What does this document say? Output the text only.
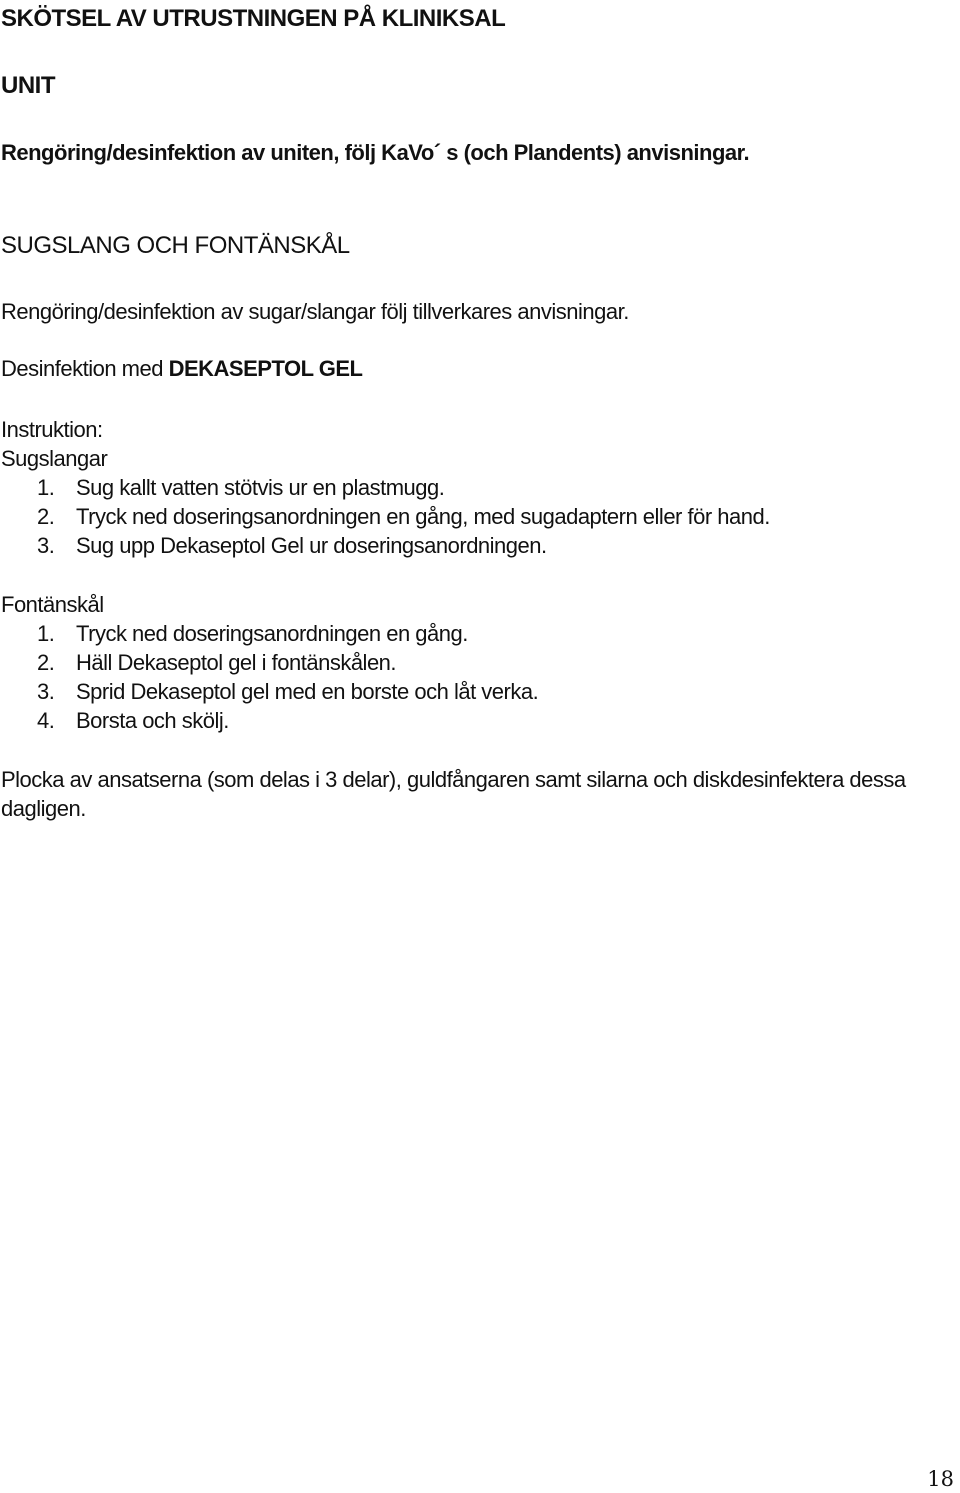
SKÖTSEL AV UTRUSTNINGEN PÅ KLINIKSAL
UNIT
Rengöring/desinfektion av uniten, följ KaVo´ s (och Plandents) anvisningar.
SUGSLANG OCH FONTÄNSKÅL
Rengöring/desinfektion av sugar/slangar följ tillverkares anvisningar.
Desinfektion med DEKASEPTOL GEL
Instruktion:
Sugslangar
1. Sug kallt vatten stötvis ur en plastmugg.
2. Tryck ned doseringsanordningen en gång, med sugadaptern eller för hand.
3. Sug upp Dekaseptol Gel ur doseringsanordningen.
Fontänskål
1. Tryck ned doseringsanordningen en gång.
2. Häll Dekaseptol gel i fontänskålen.
3. Sprid Dekaseptol gel med en borste och låt verka.
4. Borsta och skölj.
Plocka av ansatserna (som delas i 3 delar), guldfångaren samt silarna och diskdesinfektera dessa
dagligen.
18
